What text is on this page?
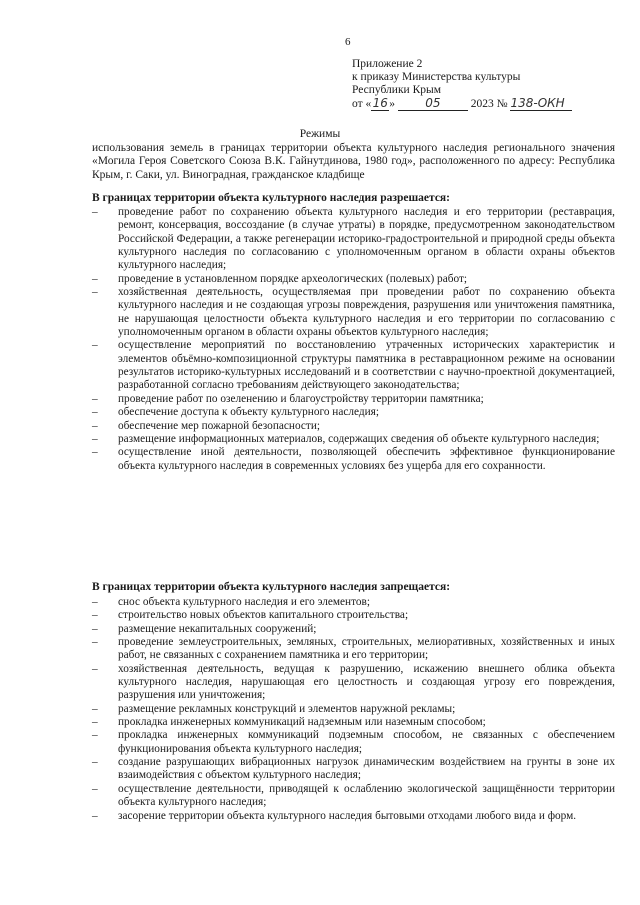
6
Приложение 2
к приказу Министерства культуры
Республики Крым
от «16»	05	2023 № 138-ОКН
Режимы
использования земель в границах территории объекта культурного наследия регионального значения «Могила Героя Советского Союза В.К. Гайнутдинова, 1980 год», расположенного по адресу: Республика Крым, г. Саки, ул. Виноградная, гражданское кладбище
В границах территории объекта культурного наследия разрешается:
– проведение работ по сохранению объекта культурного наследия и его территории (реставрация, ремонт, консервация, воссоздание (в случае утраты) в порядке, предусмотренном законодательством Российской Федерации, а также регенерации историко-градостроительной и природной среды объекта культурного наследия по согласованию с уполномоченным органом в области охраны объектов культурного наследия;
– проведение в установленном порядке археологических (полевых) работ;
– хозяйственная деятельность, осуществляемая при проведении работ по сохранению объекта культурного наследия и не создающая угрозы повреждения, разрушения или уничтожения памятника, не нарушающая целостности объекта культурного наследия и его территории по согласованию с уполномоченным органом в области охраны объектов культурного наследия;
– осуществление мероприятий по восстановлению утраченных исторических характеристик и элементов объёмно-композиционной структуры памятника в реставрационном режиме на основании результатов историко-культурных исследований и в соответствии с научно-проектной документацией, разработанной согласно требованиям действующего законодательства;
– проведение работ по озеленению и благоустройству территории памятника;
– обеспечение доступа к объекту культурного наследия;
– обеспечение мер пожарной безопасности;
– размещение информационных материалов, содержащих сведения об объекте культурного наследия;
– осуществление иной деятельности, позволяющей обеспечить эффективное функционирование объекта культурного наследия в современных условиях без ущерба для его сохранности.
В границах территории объекта культурного наследия запрещается:
– снос объекта культурного наследия и его элементов;
– строительство новых объектов капитального строительства;
– размещение некапитальных сооружений;
– проведение землеустроительных, земляных, строительных, мелиоративных, хозяйственных и иных работ, не связанных с сохранением памятника и его территории;
– хозяйственная деятельность, ведущая к разрушению, искажению внешнего облика объекта культурного наследия, нарушающая его целостность и создающая угрозу его повреждения, разрушения или уничтожения;
– размещение рекламных конструкций и элементов наружной рекламы;
– прокладка инженерных коммуникаций надземным или наземным способом;
– прокладка инженерных коммуникаций подземным способом, не связанных с обеспечением функционирования объекта культурного наследия;
– создание разрушающих вибрационных нагрузок динамическим воздействием на грунты в зоне их взаимодействия с объектом культурного наследия;
– осуществление деятельности, приводящей к ослаблению экологической защищённости территории объекта культурного наследия;
– засорение территории объекта культурного наследия бытовыми отходами любого вида и форм.
